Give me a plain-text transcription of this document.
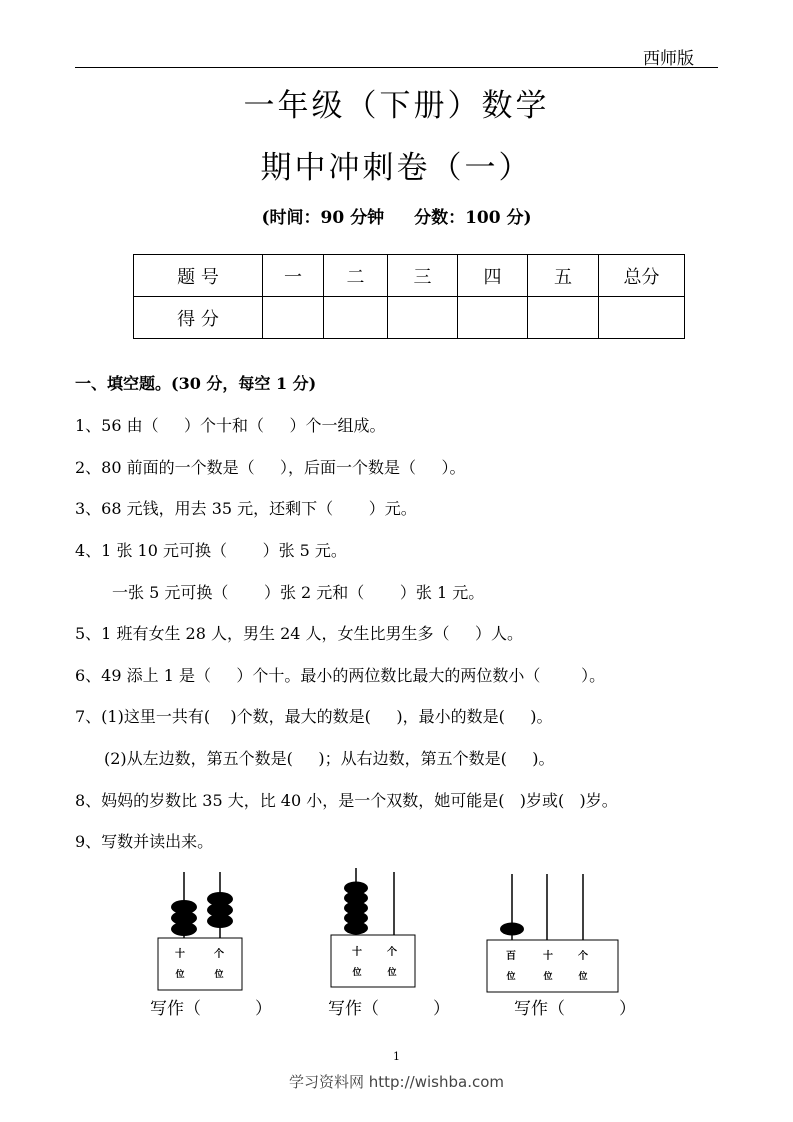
西师版
一年级（下册）数学
期中冲刺卷（一）
(时间：90 分钟 分数：100 分)
题 号	一	二	三	四	五	总分
得 分						
一、填空题。(30 分，每空 1 分)
1、56 由（     ）个十和（     ）个一组成。
2、80 前面的一个数是（     ），后面一个数是（     ）。
3、68 元钱，用去 35 元，还剩下（       ）元。
4、1 张 10 元可换（       ）张 5 元。
一张 5 元可换（       ）张 2 元和（       ）张 1 元。
5、1 班有女生 28 人，男生 24 人，女生比男生多（     ）人。
6、49 添上 1 是（     ）个十。最小的两位数比最大的两位数小（        ）。
7、(1)这里一共有(    )个数，最大的数是(     )，最小的数是(     )。
(2)从左边数，第五个数是(     )；从右边数，第五个数是(     )。
8、妈妈的岁数比 35 大，比 40 小，是一个双数，她可能是(   )岁或(   )岁。
9、写数并读出来。
十	个
位	位
十	个
位	位
百	十	个
位	位	位
写作（          ）	写作（          ）	写作（          ）
1
学习资料网 http://wishba.com
